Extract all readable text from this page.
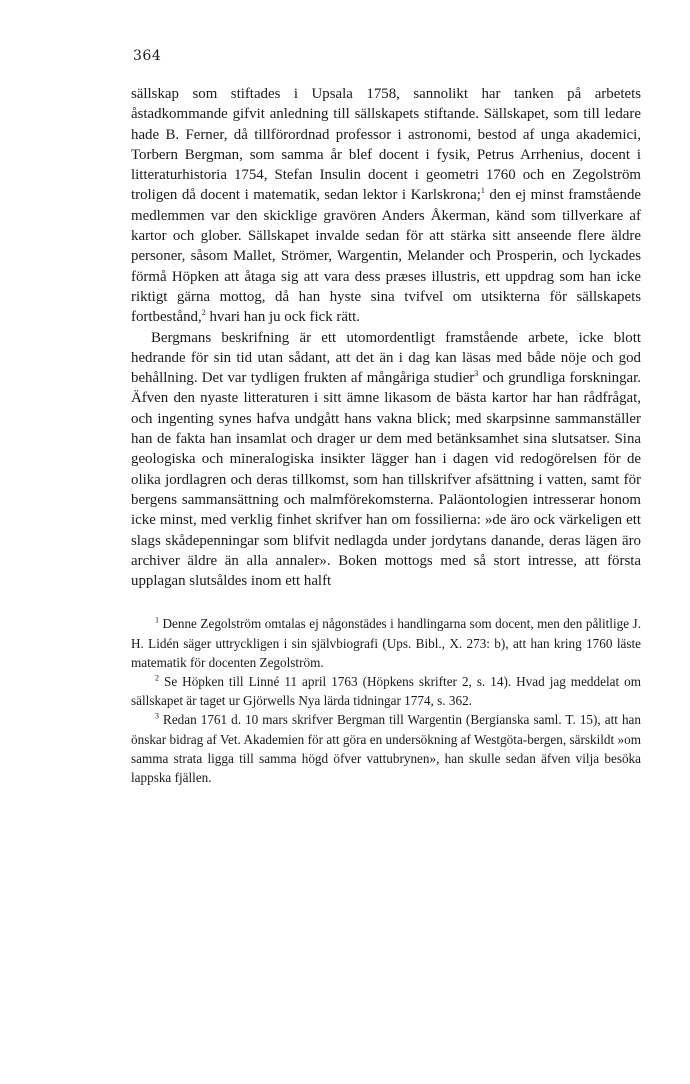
364

sällskap som stiftades i Upsala 1758, sannolikt har tanken på arbetets åstadkommande gifvit anledning till sällskapets stiftande. Sällskapet, som till ledare hade B. Ferner, då tillförordnad professor i astronomi, bestod af unga akademici, Torbern Bergman, som samma år blef docent i fysik, Petrus Arrhenius, docent i litteraturhistoria 1754, Stefan Insulin docent i geometri 1760 och en Zegolström troligen då docent i matematik, sedan lektor i Karlskrona;$^1$ den ej minst framstående medlemmen var den skicklige gravören Anders Åkerman, känd som tillverkare af kartor och glober. Sällskapet invalde sedan för att stärka sitt anseende flere äldre personer, såsom Mallet, Strömer, Wargentin, Melander och Prosperin, och lyckades förmå Höpken att åtaga sig att vara dess præses illustris, ett uppdrag som han icke riktigt gärna mottog, då han hyste sina tvifvel om utsikterna för sällskapets fortbestånd,$^2$ hvari han ju ock fick rätt.

Bergmans beskrifning är ett utomordentligt framstående arbete, icke blott hedrande för sin tid utan sådant, att det än i dag kan läsas med både nöje och god behållning. Det var tydligen frukten af mångåriga studier$^3$ och grundliga forskningar. Äfven den nyaste litteraturen i sitt ämne likasom de bästa kartor har han rådfrågat, och ingenting synes hafva undgått hans vakna blick; med skarpsinne sammanställer han de fakta han insamlat och drager ur dem med betänksamhet sina slutsatser. Sina geologiska och mineralogiska insikter lägger han i dagen vid redogörelsen för de olika jordlagren och deras tillkomst, som han tillskrifver afsättning i vatten, samt för bergens sammansättning och malmförekomsterna. Paläontologien intresserar honom icke minst, med verklig finhet skrifver han om fossilierna: »de äro ock värkeligen ett slags skådepenningar som blifvit nedlagda under jordytans danande, deras lägen äro archiver äldre än alla annaler». Boken mottogs med så stort intresse, att första upplagan slutsåldes inom ett halft

$^1$ Denne Zegolström omtalas ej någonstädes i handlingarna som docent, men den pålitlige J. H. Lidén säger uttryckligen i sin självbiografi (Ups. Bibl., X. 273: b), att han kring 1760 läste matematik för docenten Zegolström.

$^2$ Se Höpken till Linné 11 april 1763 (Höpkens skrifter 2, s. 14). Hvad jag meddelat om sällskapet är taget ur Gjörwells Nya lärda tidningar 1774, s. 362.

$^3$ Redan 1761 d. 10 mars skrifver Bergman till Wargentin (Bergianska saml. T. 15), att han önskar bidrag af Vet. Akademien för att göra en undersökning af Westgöta-bergen, särskildt »om samma strata ligga till samma högd öfver vattubrynen», han skulle sedan äfven vilja besöka lappska fjällen.
